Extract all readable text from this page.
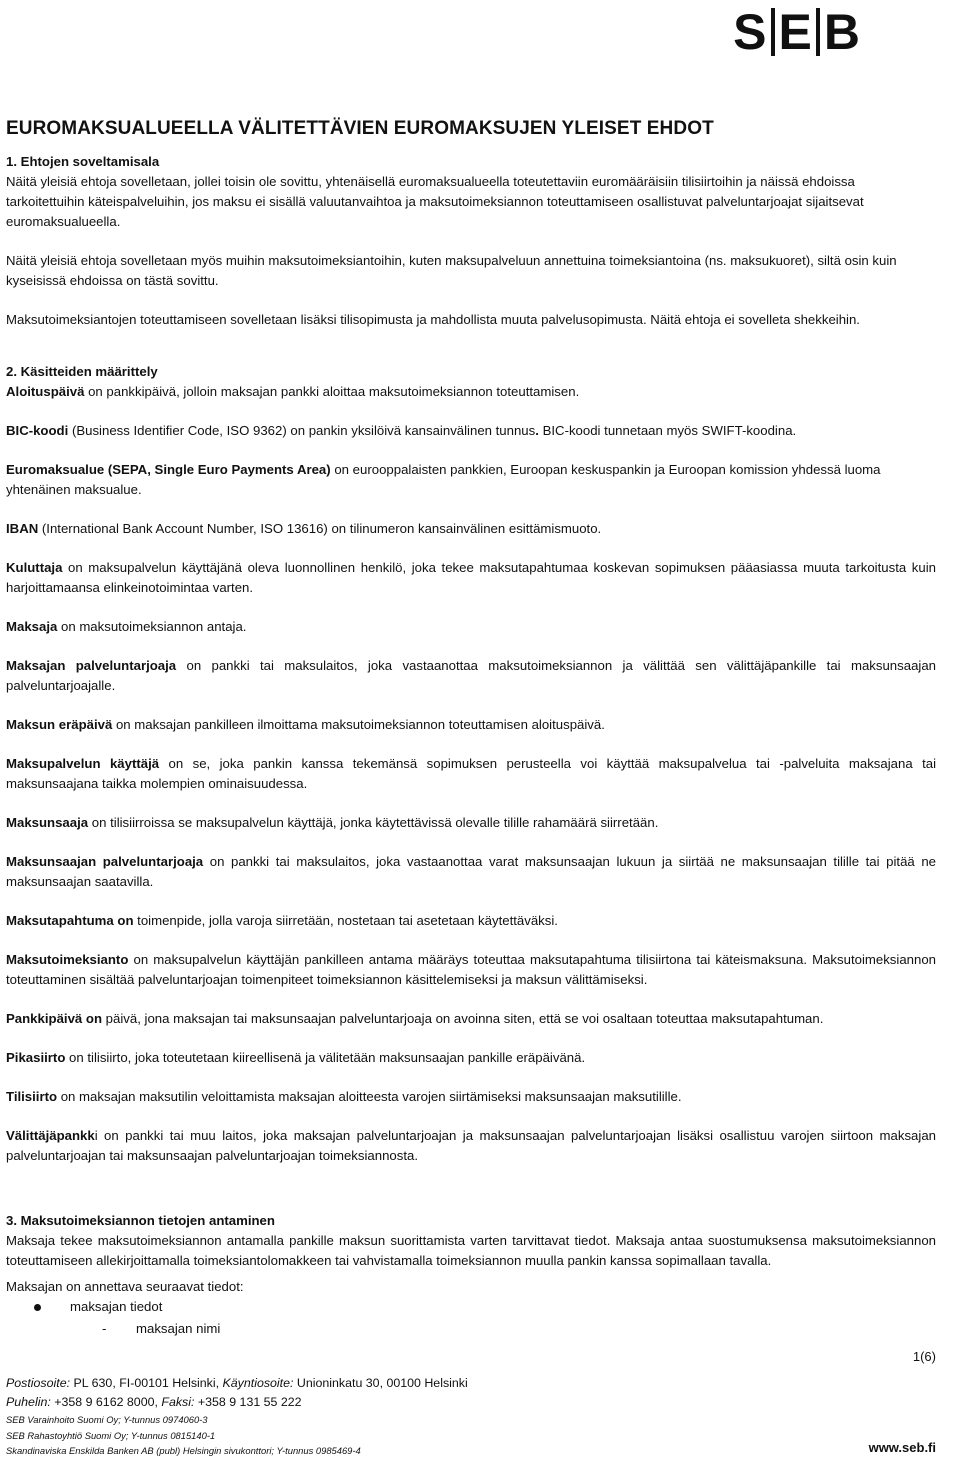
S E B
EUROMAKSUALUEELLA VÄLITETTÄVIEN EUROMAKSUJEN YLEISET EHDOT

1. Ehtojen soveltamisala

Näitä yleisiä ehtoja sovelletaan, jollei toisin ole sovittu, yhtenäisellä euromaksualueella toteutettaviin euromääräisiin tilisiirtoihin ja näissä ehdoissa tarkoitettuihin käteispalveluihin, jos maksu ei sisällä valuutanvaihtoa ja maksutoimeksiannon toteuttamiseen osallistuvat palveluntarjoajat sijaitsevat euromaksualueella.

Näitä yleisiä ehtoja sovelletaan myös muihin maksutoimeksiantoihin, kuten maksupalveluun annettuina toimeksiantoina (ns. maksukuoret), siltä osin kuin kyseisissä ehdoissa on tästä sovittu.

Maksutoimeksiantojen toteuttamiseen sovelletaan lisäksi tilisopimusta ja mahdollista muuta palvelusopimusta. Näitä ehtoja ei sovelleta shekkeihin.

2. Käsitteiden määrittely

Aloituspäivä on pankkipäivä, jolloin maksajan pankki aloittaa maksutoimeksiannon toteuttamisen.

BIC-koodi (Business Identifier Code, ISO 9362) on pankin yksilöivä kansainvälinen tunnus. BIC-koodi tunnetaan myös SWIFT-koodina.

Euromaksualue (SEPA, Single Euro Payments Area) on eurooppalaisten pankkien, Euroopan keskuspankin ja Euroopan komission yhdessä luoma yhtenäinen maksualue.

IBAN (International Bank Account Number, ISO 13616) on tilinumeron kansainvälinen esittämismuoto.

Kuluttaja on maksupalvelun käyttäjänä oleva luonnollinen henkilö, joka tekee maksutapahtumaa koskevan sopimuksen pääasiassa muuta tarkoitusta kuin harjoittamaansa elinkeinotoimintaa varten.

Maksaja on maksutoimeksiannon antaja.

Maksajan palveluntarjoaja on pankki tai maksulaitos, joka vastaanottaa maksutoimeksiannon ja välittää sen välittäjäpankille tai maksunsaajan palveluntarjoajalle.

Maksun eräpäivä on maksajan pankilleen ilmoittama maksutoimeksiannon toteuttamisen aloituspäivä.

Maksupalvelun käyttäjä on se, joka pankin kanssa tekemänsä sopimuksen perusteella voi käyttää maksupalvelua tai -palveluita maksajana tai maksunsaajana taikka molempien ominaisuudessa.

Maksunsaaja on tilisiirroissa se maksupalvelun käyttäjä, jonka käytettävissä olevalle tilille rahamäärä siirretään.

Maksunsaajan palveluntarjoaja on pankki tai maksulaitos, joka vastaanottaa varat maksunsaajan lukuun ja siirtää ne maksunsaajan tilille tai pitää ne maksunsaajan saatavilla.

Maksutapahtuma on toimenpide, jolla varoja siirretään, nostetaan tai asetetaan käytettäväksi.

Maksutoimeksianto on maksupalvelun käyttäjän pankilleen antama määräys toteuttaa maksutapahtuma tilisiirtona tai käteismaksuna. Maksutoimeksiannon toteuttaminen sisältää palveluntarjoajan toimenpiteet toimeksiannon käsittelemiseksi ja maksun välittämiseksi.

Pankkipäivä on päivä, jona maksajan tai maksunsaajan palveluntarjoaja on avoinna siten, että se voi osaltaan toteuttaa maksutapahtuman.

Pikasiirto on tilisiirto, joka toteutetaan kiireellisenä ja välitetään maksunsaajan pankille eräpäivänä.

Tilisiirto on maksajan maksutilin veloittamista maksajan aloitteesta varojen siirtämiseksi maksunsaajan maksutilille.

Välittäjäpankki on pankki tai muu laitos, joka maksajan palveluntarjoajan ja maksunsaajan palveluntarjoajan lisäksi osallistuu varojen siirtoon maksajan palveluntarjoajan tai maksunsaajan palveluntarjoajan toimeksiannosta.

3. Maksutoimeksiannon tietojen antaminen

Maksaja tekee maksutoimeksiannon antamalla pankille maksun suorittamista varten tarvittavat tiedot. Maksaja antaa suostumuksensa maksutoimeksiannon toteuttamiseen allekirjoittamalla toimeksiantolomakkeen tai vahvistamalla toimeksiannon muulla pankin kanssa sopimallaan tavalla.

Maksajan on annettava seuraavat tiedot:

maksajan tiedot
- maksajan nimi
1(6)
Postiosoite: PL 630, FI-00101 Helsinki, Käyntiosoite: Unioninkatu 30, 00100 Helsinki
Puhelin: +358 9 6162 8000, Faksi: +358 9 131 55 222
SEB Varainhoito Suomi Oy; Y-tunnus 0974060-3
SEB Rahastoyhtiö Suomi Oy; Y-tunnus 0815140-1
Skandinaviska Enskilda Banken AB (publ) Helsingin sivukonttori; Y-tunnus 0985469-4	www.seb.fi
